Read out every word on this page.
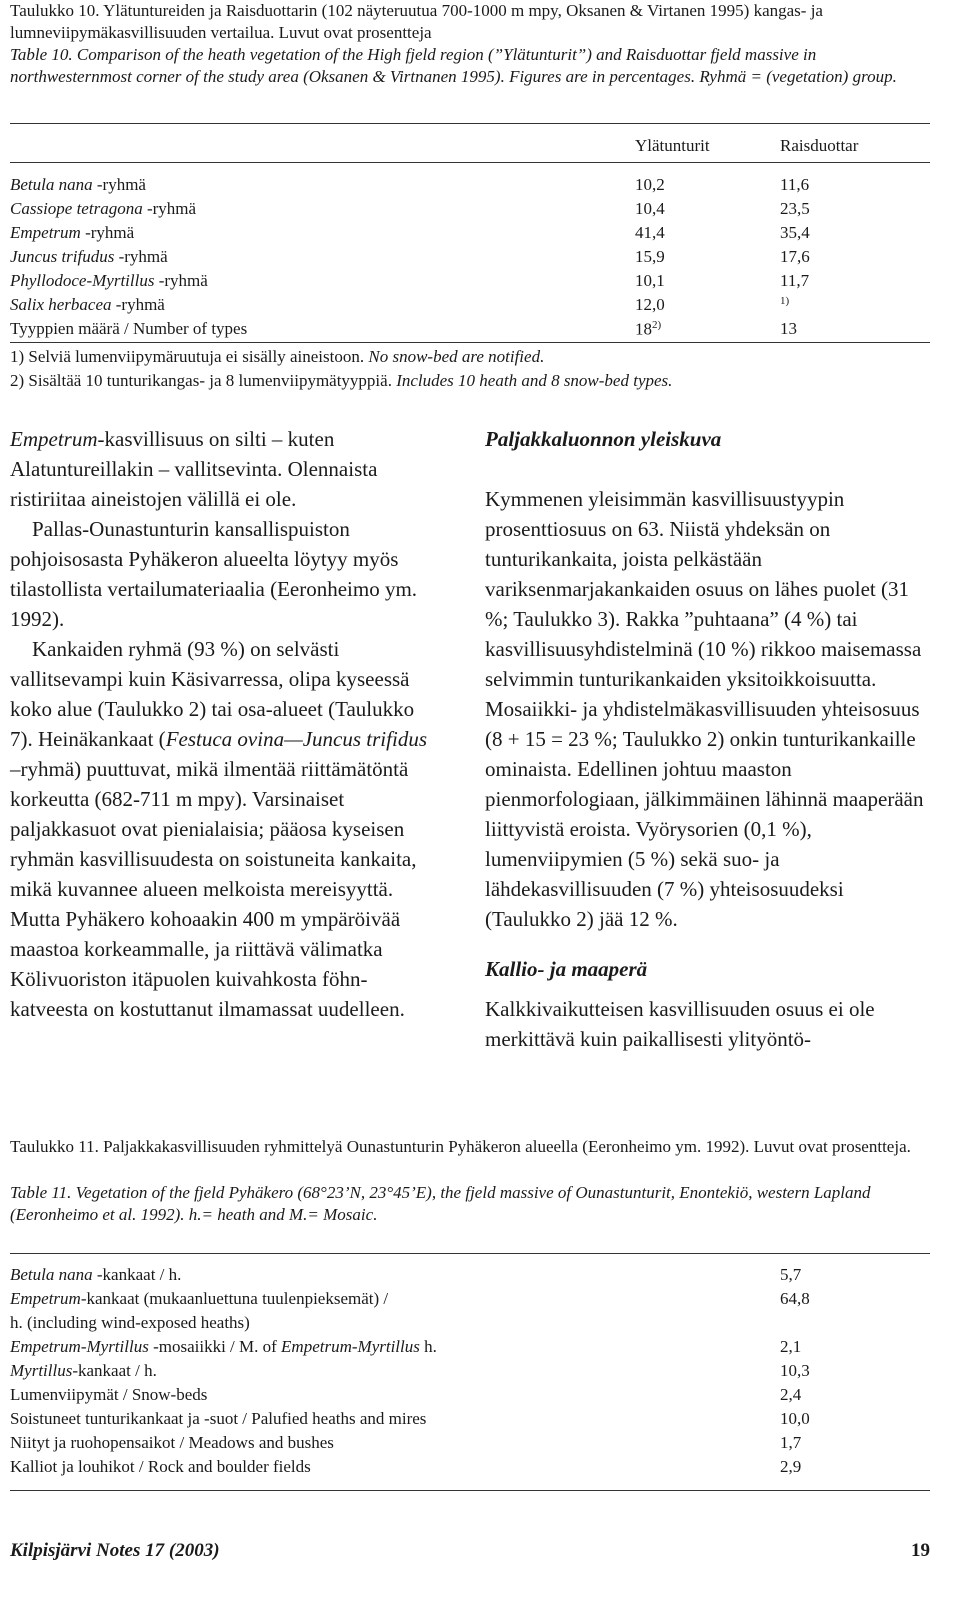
Taulukko 10. Ylätuntureiden ja Raisduottarin (102 näyteruutua 700-1000 m mpy, Oksanen & Virtanen 1995) kangas- ja lumneviipymäkasvillisuuden vertailua. Luvut ovat prosentteja
Table 10. Comparison of the heath vegetation of the High fjeld region (”Ylätunturit”) and Raisduottar fjeld massive in northwesternmost corner of the study area (Oksanen & Virtnanen 1995). Figures are in percentages. Ryhmä = (vegetation) group.
Ylätunturit	Raisduottar
Betula nana -ryhmä	10,2	11,6
Cassiope tetragona -ryhmä	10,4	23,5
Empetrum -ryhmä	41,4	35,4
Juncus trifudus -ryhmä	15,9	17,6
Phyllodoce-Myrtillus -ryhmä	10,1	11,7
Salix herbacea -ryhmä	12,0	$^{1)}$
Tyyppien määrä / Number of types	18$^{2)}$	13
1) Selviä lumenviipymäruutuja ei sisälly aineistoon. No snow-bed are notified.
2) Sisältää 10 tunturikangas- ja 8 lumenviipymätyyppiä. Includes 10 heath and 8 snow-bed types.

Empetrum-kasvillisuus on silti – kuten Alatuntureillakin – vallitsevinta. Olennaista ristiriitaa aineistojen välillä ei ole.

Pallas-Ounastunturin kansallispuiston pohjoisosasta Pyhäkeron alueelta löytyy myös tilastollista vertailumateriaalia (Eeronheimo ym. 1992).

Kankaiden ryhmä (93 %) on selvästi vallitsevampi kuin Käsivarressa, olipa kyseessä koko alue (Taulukko 2) tai osa-alueet (Taulukko 7). Heinäkankaat (Festuca ovina—Juncus trifidus –ryhmä) puuttuvat, mikä ilmentää riittämätöntä korkeutta (682-711 m mpy). Varsinaiset paljakkasuot ovat pienialaisia; pääosa kyseisen ryhmän kasvillisuudesta on soistuneita kankaita, mikä kuvannee alueen melkoista mereisyyttä. Mutta Pyhäkero kohoaakin 400 m ympäröivää maastoa korkeammalle, ja riittävä välimatka Kölivuoriston itäpuolen kuivahkosta föhn-katveesta on kostuttanut ilmamassat uudelleen.

Paljakkaluonnon yleiskuva

Kymmenen yleisimmän kasvillisuustyypin prosenttiosuus on 63. Niistä yhdeksän on tunturikankaita, joista pelkästään variksenmarjakankaiden osuus on lähes puolet (31 %; Taulukko 3). Rakka ”puhtaana” (4 %) tai kasvillisuusyhdistelminä (10 %) rikkoo maisemassa selvimmin tunturikankaiden yksitoikkoisuutta. Mosaiikki- ja yhdistelmäkasvillisuuden yhteisosuus (8 + 15 = 23 %; Taulukko 2) onkin tunturikankaille ominaista. Edellinen johtuu maaston pienmorfologiaan, jälkimmäinen lähinnä maaperään liittyvistä eroista. Vyörysorien (0,1 %), lumenviipymien (5 %) sekä suo- ja lähdekasvillisuuden (7 %) yhteisosuudeksi (Taulukko 2) jää 12 %.

Kallio- ja maaperä

Kalkkivaikutteisen kasvillisuuden osuus ei ole merkittävä kuin paikallisesti ylityöntö-

Taulukko 11. Paljakkakasvillisuuden ryhmittelyä Ounastunturin Pyhäkeron alueella (Eeronheimo ym. 1992). Luvut ovat prosentteja.
Table 11. Vegetation of the fjeld Pyhäkero (68°23’N, 23°45’E), the fjeld massive of Ounastunturit, Enontekiö, western Lapland (Eeronheimo et al. 1992). h.= heath and M.= Mosaic.
Betula nana -kankaat / h.	5,7
Empetrum-kankaat (mukaanluettuna tuulenpieksemät) /	64,8
h. (including wind-exposed heaths)	
Empetrum-Myrtillus -mosaiikki / M. of Empetrum-Myrtillus h.	2,1
Myrtillus-kankaat / h.	10,3
Lumenviipymät / Snow-beds	2,4
Soistuneet tunturikankaat ja -suot / Palufied heaths and mires	10,0
Niityt ja ruohopensaikot / Meadows and bushes	1,7
Kalliot ja louhikot / Rock and boulder fields	2,9
Kilpisjärvi Notes 17 (2003)	19
